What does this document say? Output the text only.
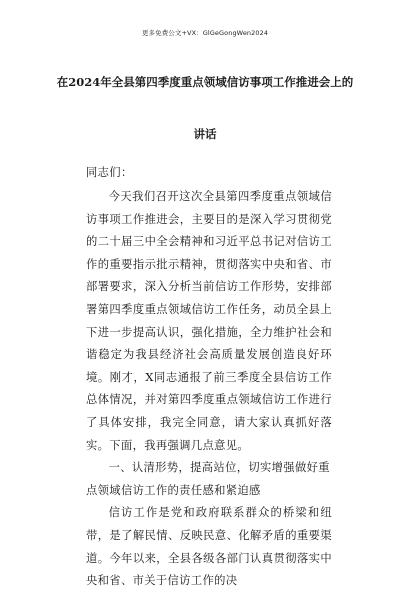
更多免费公文+VX：GlGeGongWen2024
在2024年全县第四季度重点领域信访事项工作推进会上的
讲话
同志们：

今天我们召开这次全县第四季度重点领域信访事项工作推进会，主要目的是深入学习贯彻党的二十届三中全会精神和习近平总书记对信访工作的重要指示批示精神，贯彻落实中央和省、市部署要求，深入分析当前信访工作形势，安排部署第四季度重点领域信访工作任务，动员全县上下进一步提高认识，强化措施，全力维护社会和谐稳定为我县经济社会高质量发展创造良好环境。刚才，X同志通报了前三季度全县信访工作总体情况，并对第四季度重点领域信访工作进行了具体安排，我完全同意，请大家认真抓好落实。下面，我再强调几点意见。

一、认清形势，提高站位，切实增强做好重点领域信访工作的责任感和紧迫感

信访工作是党和政府联系群众的桥梁和纽带，是了解民情、反映民意、化解矛盾的重要渠道。今年以来，全县各级各部门认真贯彻落实中央和省、市关于信访工作的决
